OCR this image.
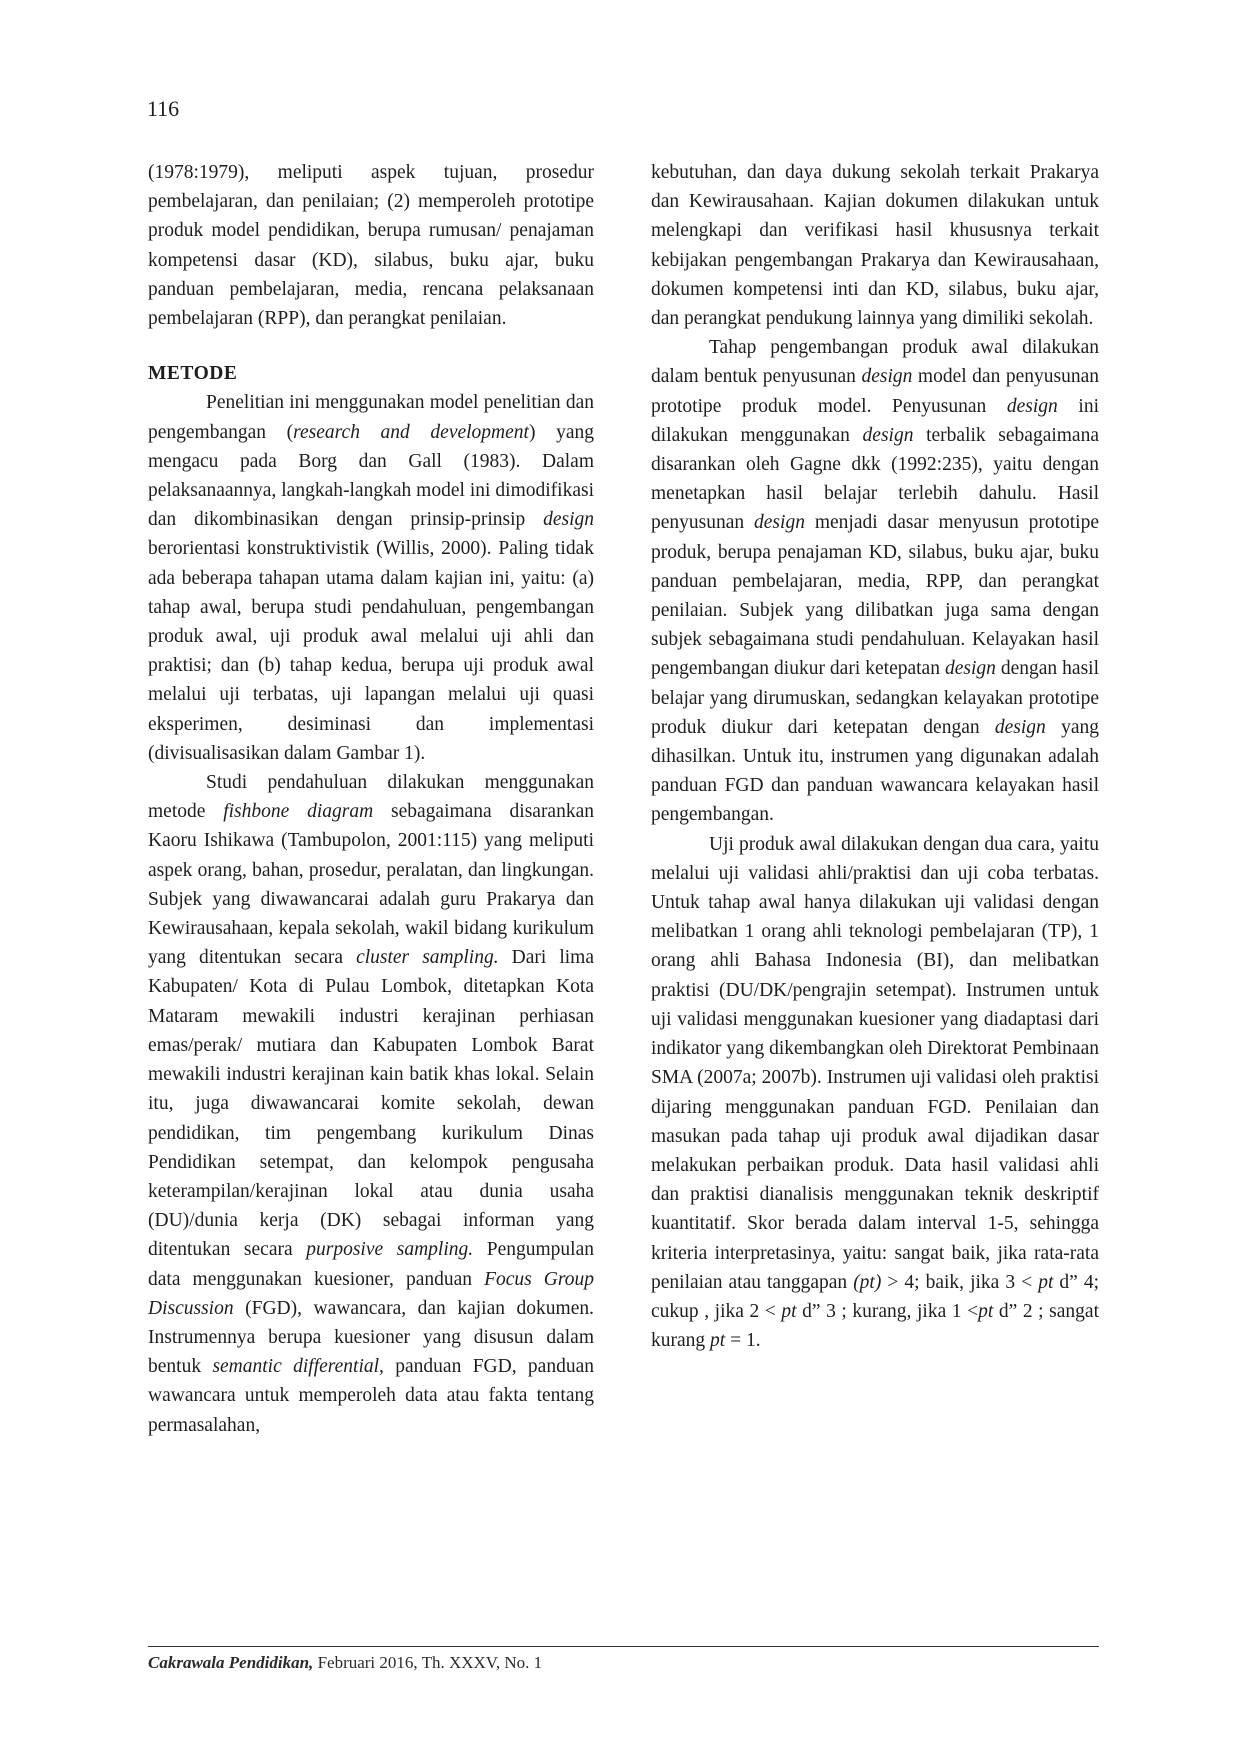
116

(1978:1979), meliputi aspek tujuan, prosedur pembelajaran, dan penilaian; (2) memperoleh prototipe produk model pendidikan, berupa rumusan/ penajaman kompetensi dasar (KD), silabus, buku ajar, buku panduan pembelajaran, media, rencana pelaksanaan pembelajaran (RPP), dan perangkat penilaian.

METODE

Penelitian ini menggunakan model penelitian dan pengembangan (research and development) yang mengacu pada Borg dan Gall (1983). Dalam pelaksanaannya, langkah-langkah model ini dimodifikasi dan dikombinasikan dengan prinsip-prinsip design berorientasi konstruktivistik (Willis, 2000). Paling tidak ada beberapa tahapan utama dalam kajian ini, yaitu: (a) tahap awal, berupa studi pendahuluan, pengembangan produk awal, uji produk awal melalui uji ahli dan praktisi; dan (b) tahap kedua, berupa uji produk awal melalui uji terbatas, uji lapangan melalui uji quasi eksperimen, desiminasi dan implementasi (divisualisasikan dalam Gambar 1).

Studi pendahuluan dilakukan menggunakan metode fishbone diagram sebagaimana disarankan Kaoru Ishikawa (Tambupolon, 2001:115) yang meliputi aspek orang, bahan, prosedur, peralatan, dan lingkungan. Subjek yang diwawancarai adalah guru Prakarya dan Kewirausahaan, kepala sekolah, wakil bidang kurikulum yang ditentukan secara cluster sampling. Dari lima Kabupaten/ Kota di Pulau Lombok, ditetapkan Kota Mataram mewakili industri kerajinan perhiasan emas/perak/ mutiara dan Kabupaten Lombok Barat mewakili industri kerajinan kain batik khas lokal. Selain itu, juga diwawancarai komite sekolah, dewan pendidikan, tim pengembang kurikulum Dinas Pendidikan setempat, dan kelompok pengusaha keterampilan/kerajinan lokal atau dunia usaha (DU)/dunia kerja (DK) sebagai informan yang ditentukan secara purposive sampling. Pengumpulan data menggunakan kuesioner, panduan Focus Group Discussion (FGD), wawancara, dan kajian dokumen. Instrumennya berupa kuesioner yang disusun dalam bentuk semantic differential, panduan FGD, panduan wawancara untuk memperoleh data atau fakta tentang permasalahan,

kebutuhan, dan daya dukung sekolah terkait Prakarya dan Kewirausahaan. Kajian dokumen dilakukan untuk melengkapi dan verifikasi hasil khususnya terkait kebijakan pengembangan Prakarya dan Kewirausahaan, dokumen kompetensi inti dan KD, silabus, buku ajar, dan perangkat pendukung lainnya yang dimiliki sekolah.

Tahap pengembangan produk awal dilakukan dalam bentuk penyusunan design model dan penyusunan prototipe produk model. Penyusunan design ini dilakukan menggunakan design terbalik sebagaimana disarankan oleh Gagne dkk (1992:235), yaitu dengan menetapkan hasil belajar terlebih dahulu. Hasil penyusunan design menjadi dasar menyusun prototipe produk, berupa penajaman KD, silabus, buku ajar, buku panduan pembelajaran, media, RPP, dan perangkat penilaian. Subjek yang dilibatkan juga sama dengan subjek sebagaimana studi pendahuluan. Kelayakan hasil pengembangan diukur dari ketepatan design dengan hasil belajar yang dirumuskan, sedangkan kelayakan prototipe produk diukur dari ketepatan dengan design yang dihasilkan. Untuk itu, instrumen yang digunakan adalah panduan FGD dan panduan wawancara kelayakan hasil pengembangan.

Uji produk awal dilakukan dengan dua cara, yaitu melalui uji validasi ahli/praktisi dan uji coba terbatas. Untuk tahap awal hanya dilakukan uji validasi dengan melibatkan 1 orang ahli teknologi pembelajaran (TP), 1 orang ahli Bahasa Indonesia (BI), dan melibatkan praktisi (DU/DK/pengrajin setempat). Instrumen untuk uji validasi menggunakan kuesioner yang diadaptasi dari indikator yang dikembangkan oleh Direktorat Pembinaan SMA (2007a; 2007b). Instrumen uji validasi oleh praktisi dijaring menggunakan panduan FGD. Penilaian dan masukan pada tahap uji produk awal dijadikan dasar melakukan perbaikan produk. Data hasil validasi ahli dan praktisi dianalisis menggunakan teknik deskriptif kuantitatif. Skor berada dalam interval 1-5, sehingga kriteria interpretasinya, yaitu: sangat baik, jika rata-rata penilaian atau tanggapan (pt) > 4; baik, jika 3 < pt d” 4; cukup , jika 2 < pt d” 3 ; kurang, jika 1 <pt d” 2 ; sangat kurang pt = 1.

Cakrawala Pendidikan, Februari 2016, Th. XXXV, No. 1
